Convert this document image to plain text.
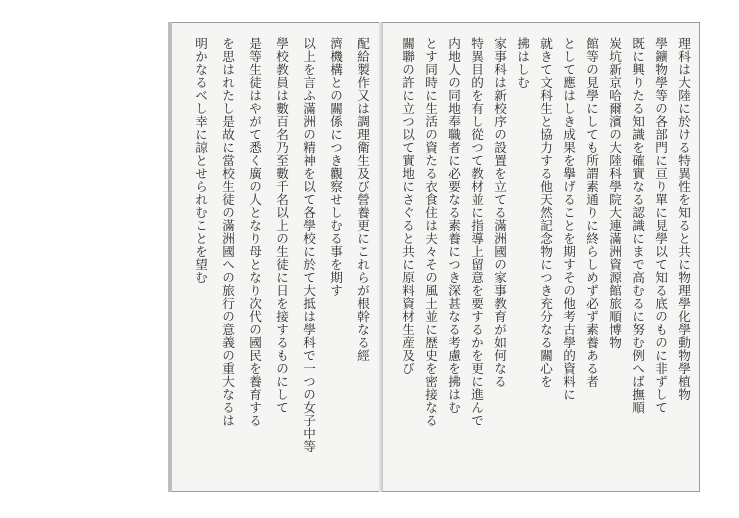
配給製作又は調理衛生及び營養更にこれらが根幹なる經
濟機構との關係につき觀察せしむる事を期す
以上を言ふ滿洲の精神を以て各學校に於て大抵は學科で一つの女子中等
學校教員は數百名乃至數千名以上の生徒に日を接するものにして
是等生徒はやがて悉く廣の人となり母となり次代の國民を養育する
を思はれたし是故に當校生徒の滿洲國への旅行の意義の重大なるは
明かなるべし幸に諒とせられむことを望む	理科は大陸に於ける特異性を知ると共に物理學化學動物學植物
學鑛物學等の各部門に亘り單に見學以て知る底のものに非ずして
既に興りたる知識を確實なる認識にまで高むるに努む例へば撫順
炭坑新京哈爾濱の大陸科學院大連滿洲資源館旅順博物
館等の見學にしても所謂素通りに終らしめず必ず素養ある者
として應はしき成果を擧げることを期すその他考古學的資料に
就きて文科生と協力する他天然記念物につき充分なる關心を
拂はしむ
家事科は新校序の設置を立てる滿洲國の家事教育が如何なる
特異目的を有し從つて教材並に指導上留意を要するかを更に進んで
内地人の同地奉職者に必要なる素養につき深甚なる考慮を拂はむ
とす同時に生活の資たる衣食住は夫々その風土並に歴史を密接なる
關聯の許に立つ以て實地にさぐると共に原料資材生産及び
